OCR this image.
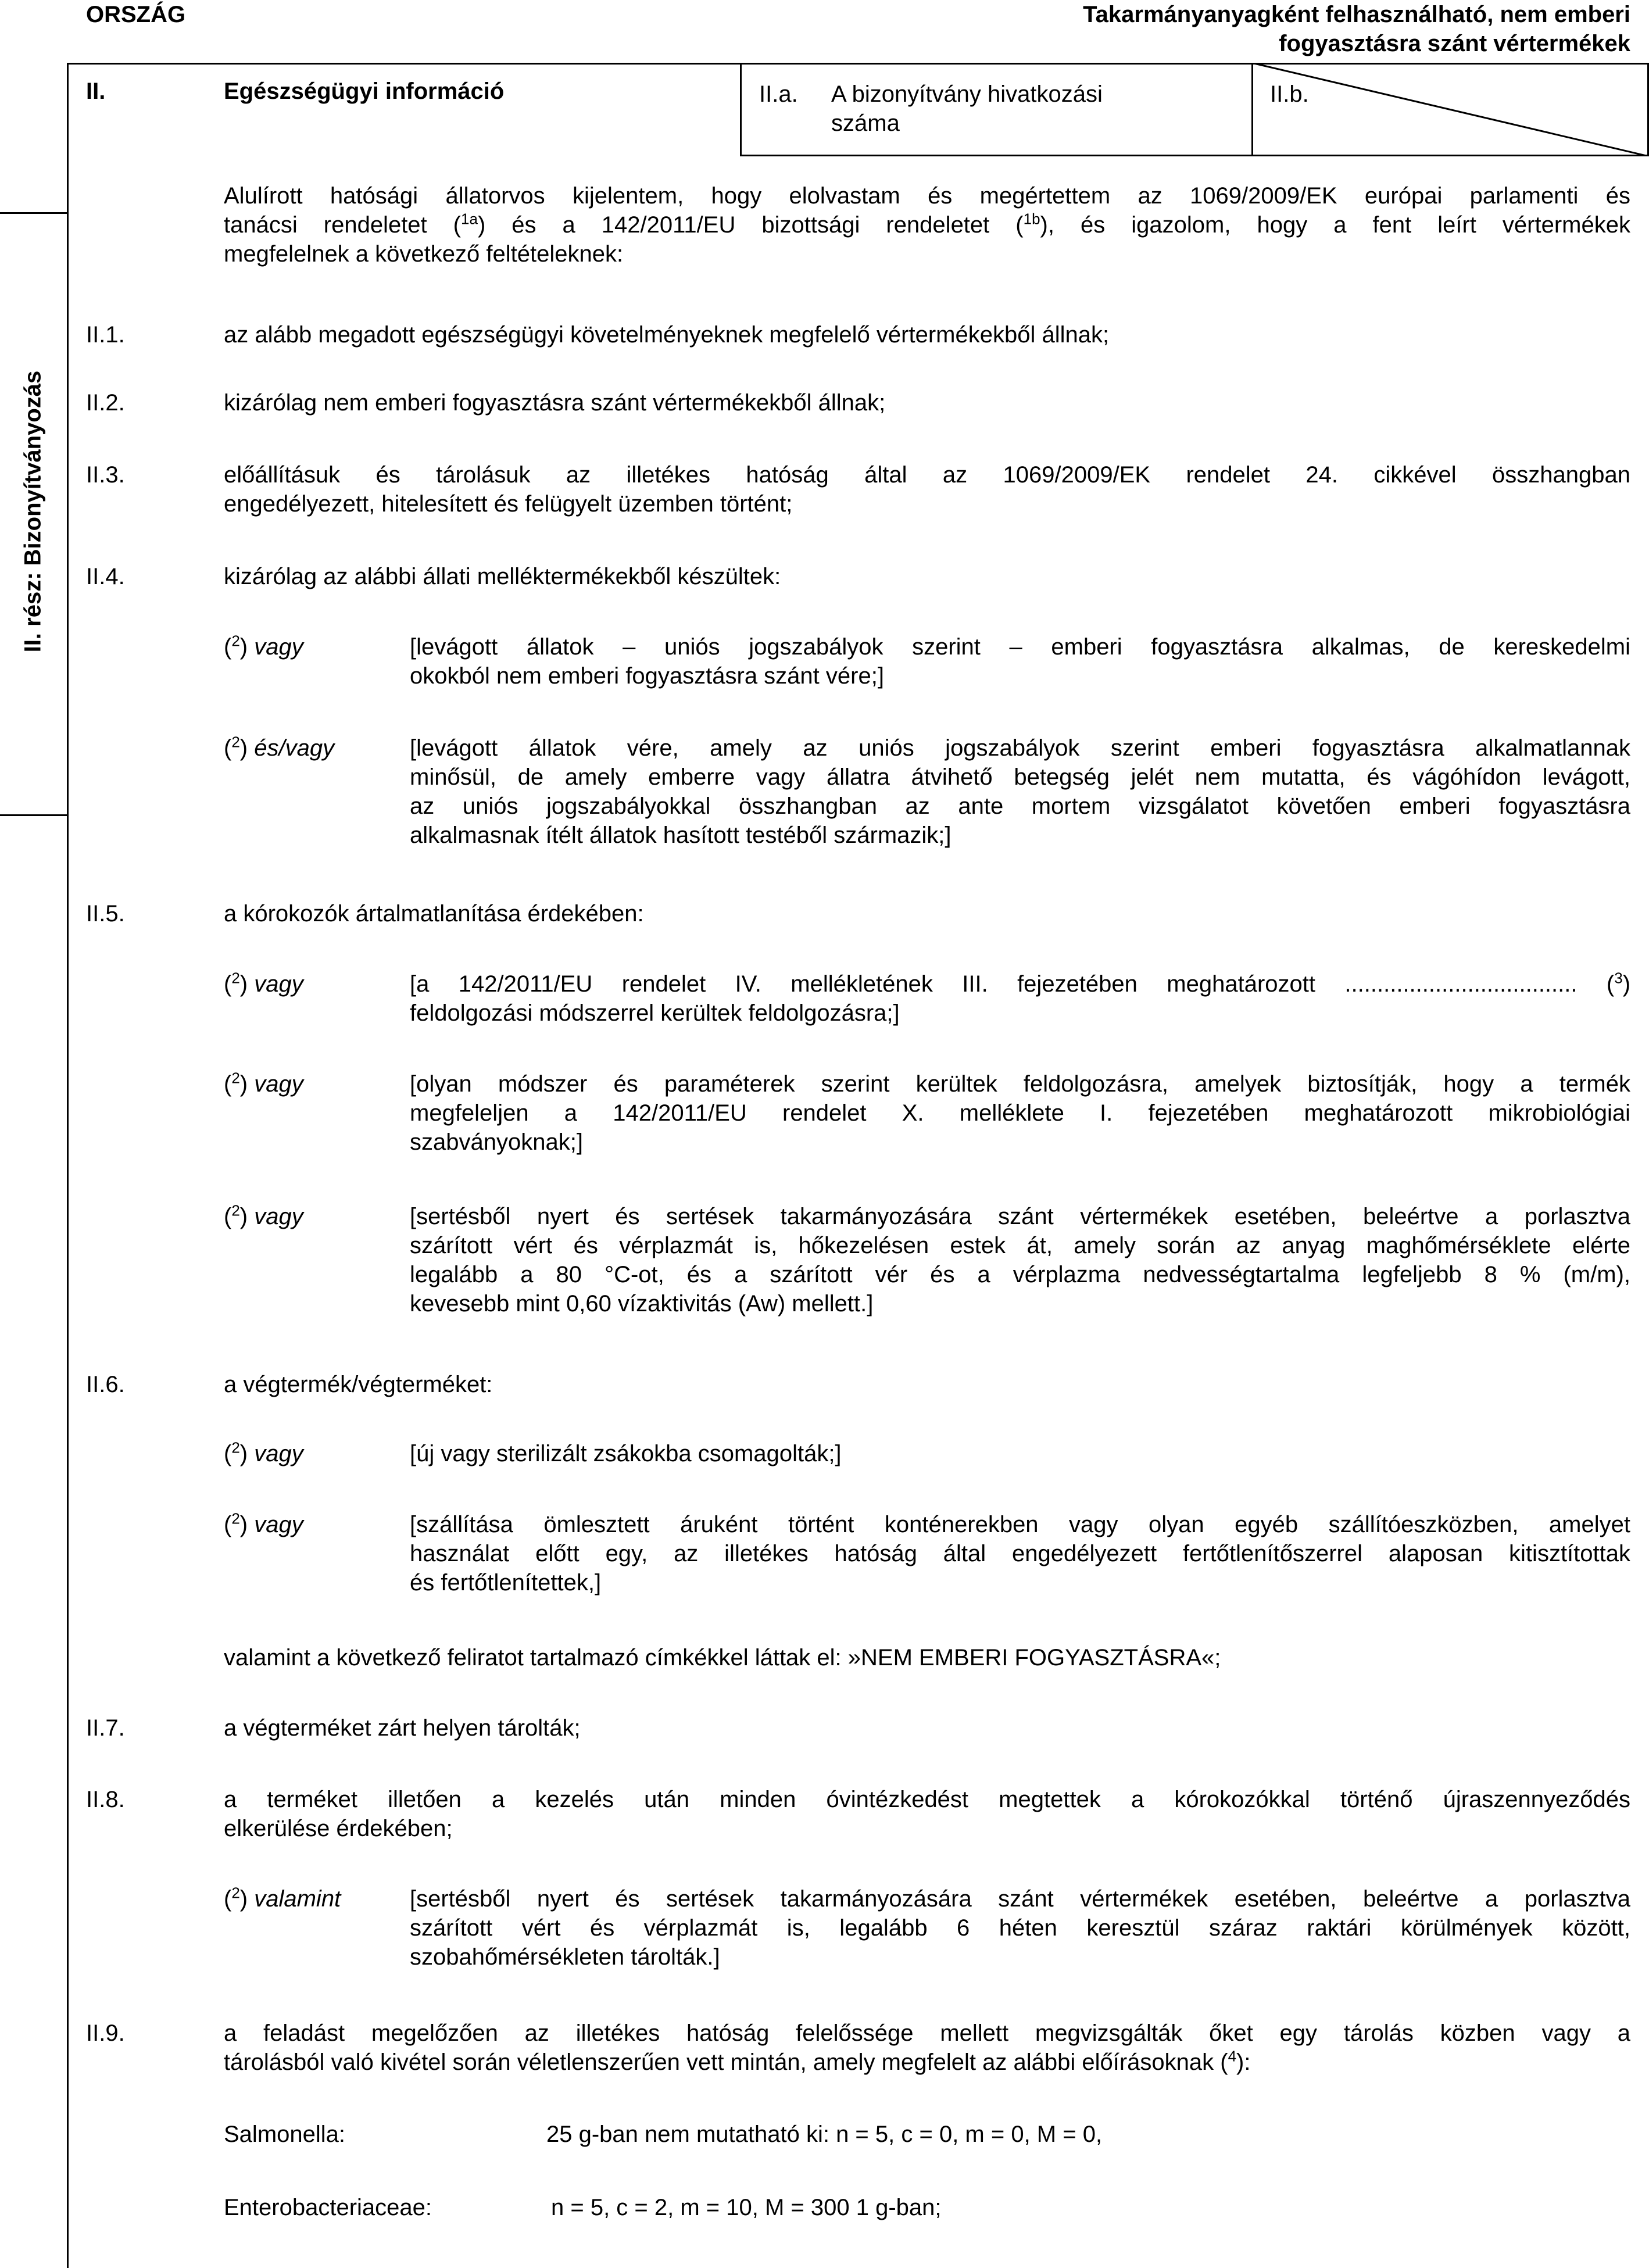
ORSZÁG	Takarmányanyagként felhasználható, nem emberi
fogyasztásra szánt vértermékek
II.	Egészségügyi információ	II.a. A bizonyítvány hivatkozási
száma
II.b.
II. rész: Bizonyítványozás
Alulírott hatósági állatorvos kijelentem, hogy elolvastam és megértettem az 1069/2009/EK európai parlamenti és
tanácsi rendeletet ($^{1a}$) és a 142/2011/EU bizottsági rendeletet ($^{1b}$), és igazolom, hogy a fent leírt vértermékek
megfelelnek a következő feltételeknek:
II.1.	az alább megadott egészségügyi követelményeknek megfelelő vértermékekből állnak;
II.2.	kizárólag nem emberi fogyasztásra szánt vértermékekből állnak;
II.3.	előállításuk és tárolásuk az illetékes hatóság által az 1069/2009/EK rendelet 24. cikkével összhangban
engedélyezett, hitelesített és felügyelt üzemben történt;
II.4.	kizárólag az alábbi állati melléktermékekből készültek:
($^2$) vagy	[levágott állatok – uniós jogszabályok szerint – emberi fogyasztásra alkalmas, de kereskedelmi
okokból nem emberi fogyasztásra szánt vére;]
($^2$) és/vagy	[levágott állatok vére, amely az uniós jogszabályok szerint emberi fogyasztásra alkalmatlannak
minősül, de amely emberre vagy állatra átvihető betegség jelét nem mutatta, és vágóhídon levágott,
az uniós jogszabályokkal összhangban az ante mortem vizsgálatot követően emberi fogyasztásra
alkalmasnak ítélt állatok hasított testéből származik;]
II.5.	a kórokozók ártalmatlanítása érdekében:
($^2$) vagy	[a 142/2011/EU rendelet IV. mellékletének III. fejezetében meghatározott .................................... ($^3$)
feldolgozási módszerrel kerültek feldolgozásra;]
($^2$) vagy	[olyan módszer és paraméterek szerint kerültek feldolgozásra, amelyek biztosítják, hogy a termék
megfeleljen a 142/2011/EU rendelet X. melléklete I. fejezetében meghatározott mikrobiológiai
szabványoknak;]
($^2$) vagy	[sertésből nyert és sertések takarmányozására szánt vértermékek esetében, beleértve a porlasztva
szárított vért és vérplazmát is, hőkezelésen estek át, amely során az anyag maghőmérséklete elérte
legalább a 80 °C-ot, és a szárított vér és a vérplazma nedvességtartalma legfeljebb 8 % (m/m),
kevesebb mint 0,60 vízaktivitás (Aw) mellett.]
II.6.	a végtermék/végterméket:
($^2$) vagy	[új vagy sterilizált zsákokba csomagolták;]
($^2$) vagy	[szállítása ömlesztett áruként történt konténerekben vagy olyan egyéb szállítóeszközben, amelyet
használat előtt egy, az illetékes hatóság által engedélyezett fertőtlenítőszerrel alaposan kitisztítottak
és fertőtlenítettek,]
valamint a következő feliratot tartalmazó címkékkel láttak el: »NEM EMBERI FOGYASZTÁSRA«;
II.7.	a végterméket zárt helyen tárolták;
II.8.	a terméket illetően a kezelés után minden óvintézkedést megtettek a kórokozókkal történő újraszennyeződés
elkerülése érdekében;
($^2$) valamint	[sertésből nyert és sertések takarmányozására szánt vértermékek esetében, beleértve a porlasztva
szárított vért és vérplazmát is, legalább 6 héten keresztül száraz raktári körülmények között,
szobahőmérsékleten tárolták.]
II.9.	a feladást megelőzően az illetékes hatóság felelőssége mellett megvizsgálták őket egy tárolás közben vagy a
tárolásból való kivétel során véletlenszerűen vett mintán, amely megfelelt az alábbi előírásoknak ($^4$):
Salmonella:	25 g-ban nem mutatható ki: n = 5, c = 0, m = 0, M = 0,
Enterobacteriaceae:	n = 5, c = 2, m = 10, M = 300 1 g-ban;
